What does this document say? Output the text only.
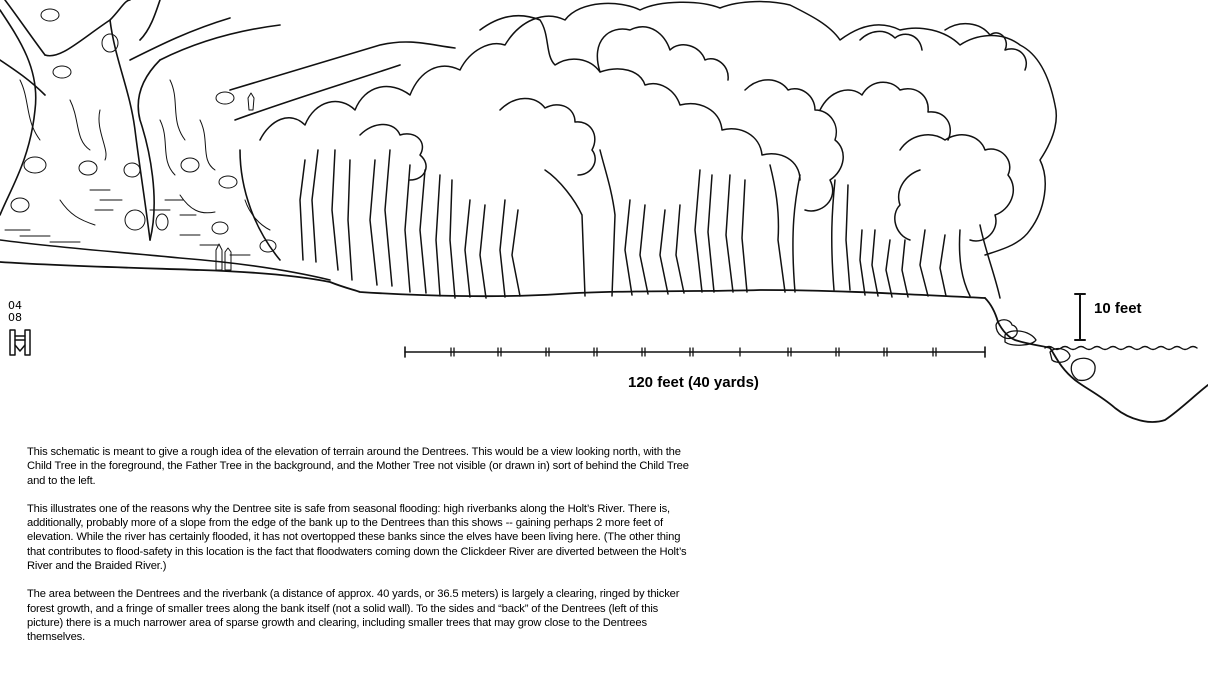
04
08
10 feet
120 feet (40 yards)

This schematic is meant to give a rough idea of the elevation of terrain around the Dentrees. This would be a view looking north, with the Child Tree in the foreground, the Father Tree in the background, and the Mother Tree not visible (or drawn in) sort of behind the Child Tree and to the left.

This illustrates one of the reasons why the Dentree site is safe from seasonal flooding: high riverbanks along the Holt’s River. There is, additionally, probably more of a slope from the edge of the bank up to the Dentrees than this shows -- gaining perhaps 2 more feet of elevation. While the river has certainly flooded, it has not overtopped these banks since the elves have been living here. (The other thing that contributes to flood-safety in this location is the fact that floodwaters coming down the Clickdeer River are diverted between the Holt’s River and the Braided River.)

The area between the Dentrees and the riverbank (a distance of approx. 40 yards, or 36.5 meters) is largely a clearing, ringed by thicker forest growth, and a fringe of smaller trees along the bank itself (not a solid wall). To the sides and “back” of the Dentrees (left of this picture) there is a much narrower area of sparse growth and clearing, including smaller trees that may grow close to the Dentrees themselves.
